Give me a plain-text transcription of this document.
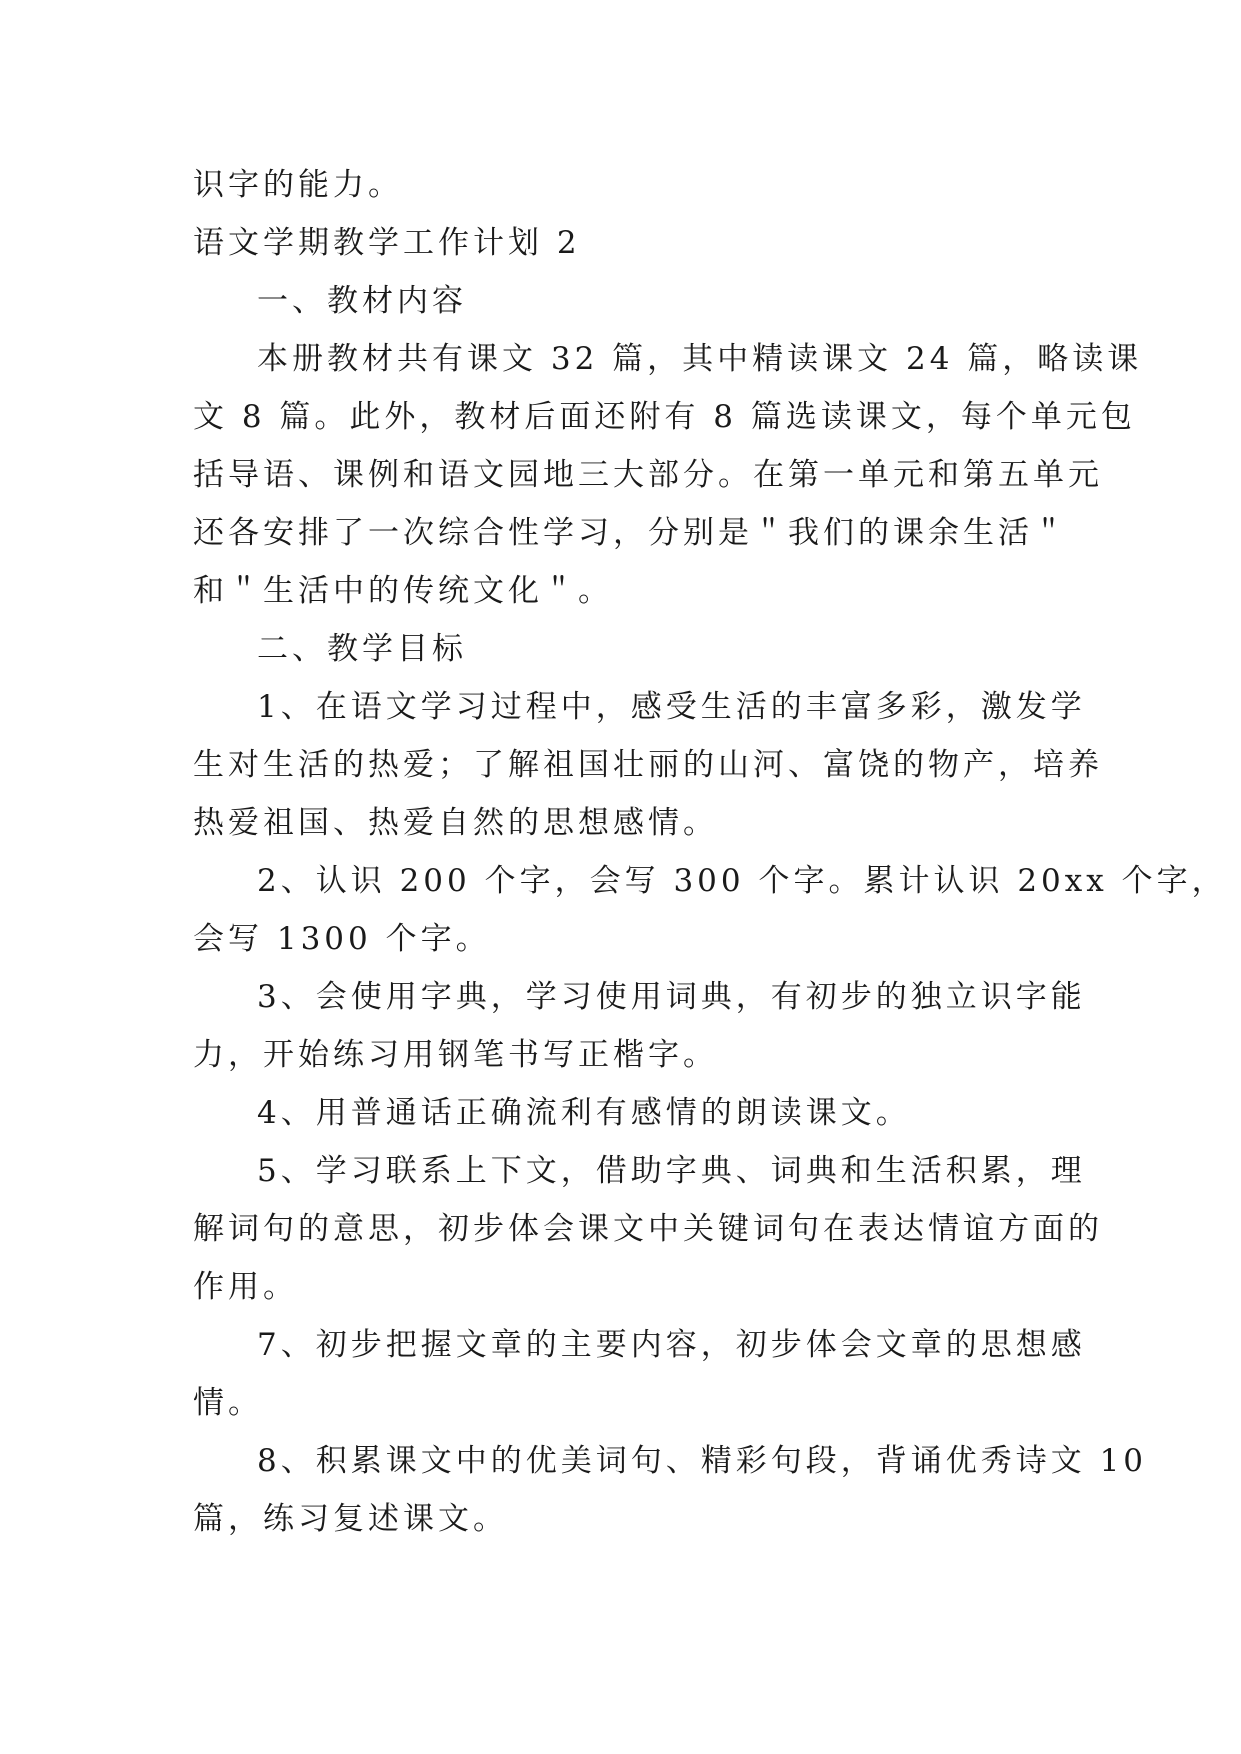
识字的能力。
语文学期教学工作计划 2
一、教材内容
本册教材共有课文 32 篇，其中精读课文 24 篇，略读课
文 8 篇。此外，教材后面还附有 8 篇选读课文，每个单元包
括导语、课例和语文园地三大部分。在第一单元和第五单元
还各安排了一次综合性学习，分别是＂我们的课余生活＂
和＂生活中的传统文化＂。
二、教学目标
1、在语文学习过程中，感受生活的丰富多彩，激发学
生对生活的热爱；了解祖国壮丽的山河、富饶的物产，培养
热爱祖国、热爱自然的思想感情。
2、认识 200 个字，会写 300 个字。累计认识 20xx 个字，
会写 1300 个字。
3、会使用字典，学习使用词典，有初步的独立识字能
力，开始练习用钢笔书写正楷字。
4、用普通话正确流利有感情的朗读课文。
5、学习联系上下文，借助字典、词典和生活积累，理
解词句的意思，初步体会课文中关键词句在表达情谊方面的
作用。
7、初步把握文章的主要内容，初步体会文章的思想感
情。
8、积累课文中的优美词句、精彩句段，背诵优秀诗文 10
篇，练习复述课文。
